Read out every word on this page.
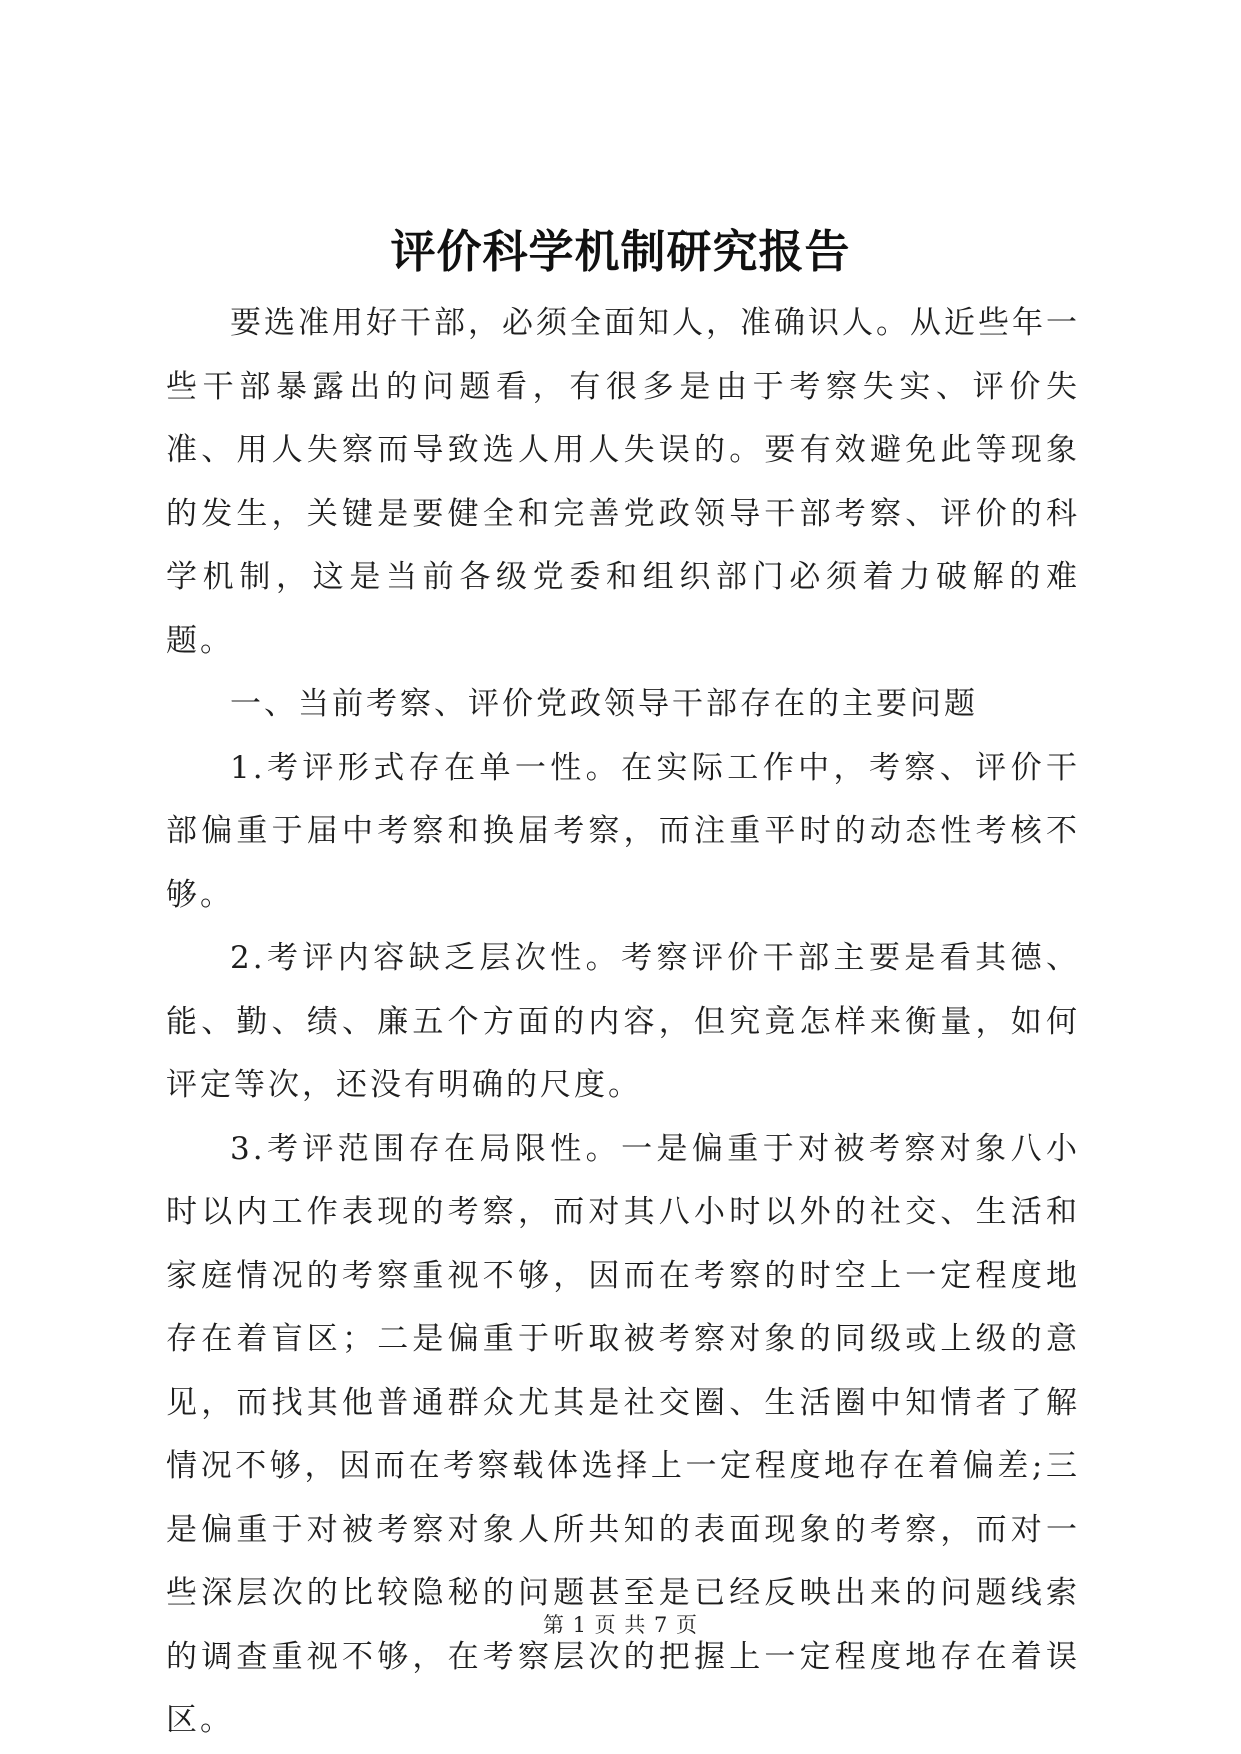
评价科学机制研究报告

要选准用好干部，必须全面知人，准确识人。从近些年一些干部暴露出的问题看，有很多是由于考察失实、评价失准、用人失察而导致选人用人失误的。要有效避免此等现象的发生，关键是要健全和完善党政领导干部考察、评价的科学机制，这是当前各级党委和组织部门必须着力破解的难题。

一、当前考察、评价党政领导干部存在的主要问题

1.考评形式存在单一性。在实际工作中，考察、评价干部偏重于届中考察和换届考察，而注重平时的动态性考核不够。

2.考评内容缺乏层次性。考察评价干部主要是看其德、能、勤、绩、廉五个方面的内容，但究竟怎样来衡量，如何评定等次，还没有明确的尺度。

3.考评范围存在局限性。一是偏重于对被考察对象八小时以内工作表现的考察，而对其八小时以外的社交、生活和家庭情况的考察重视不够，因而在考察的时空上一定程度地存在着盲区；二是偏重于听取被考察对象的同级或上级的意见，而找其他普通群众尤其是社交圈、生活圈中知情者了解情况不够，因而在考察载体选择上一定程度地存在着偏差;三是偏重于对被考察对象人所共知的表面现象的考察，而对一些深层次的比较隐秘的问题甚至是已经反映出来的问题线索的调查重视不够，在考察层次的把握上一定程度地存在着误区。

第 1 页 共 7 页
